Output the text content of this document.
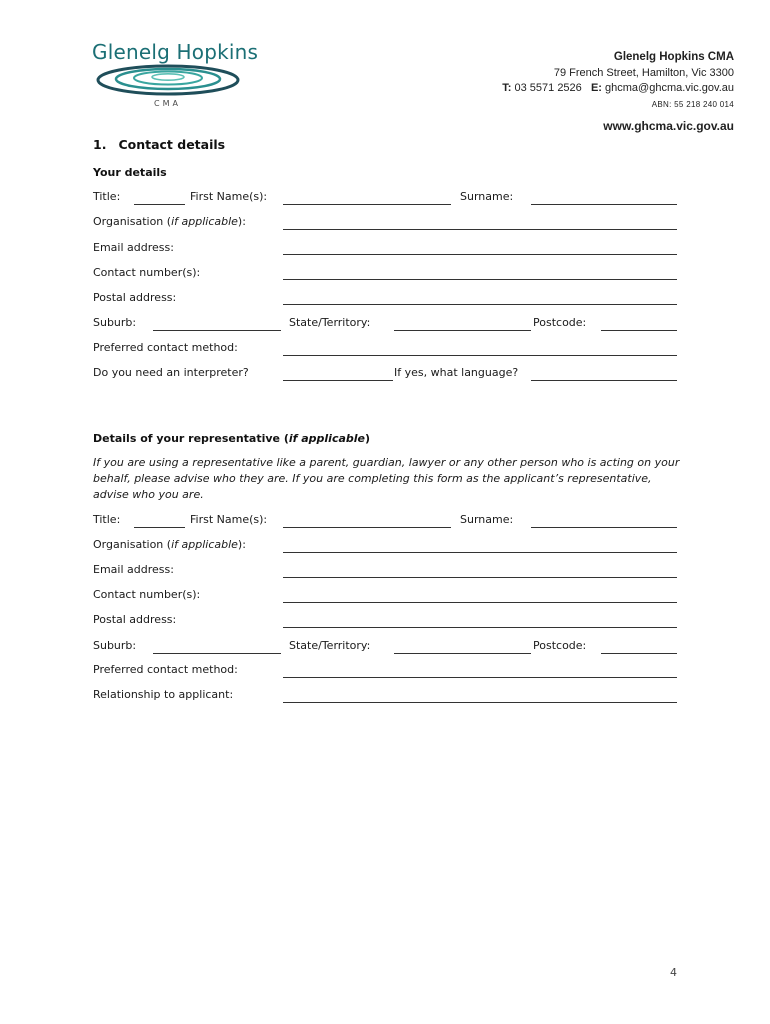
Glenelg Hopkins
CMA
Glenelg Hopkins CMA
79 French Street, Hamilton, Vic 3300
T: 03 5571 2526 E: ghcma@ghcma.vic.gov.au
ABN: 55 218 240 014
www.ghcma.vic.gov.au
1. Contact details
Your details
Title:	First Name(s):	Surname:
Organisation (if applicable):
Email address:
Contact number(s):
Postal address:
Suburb:	State/Territory:	Postcode:
Preferred contact method:
Do you need an interpreter?	If yes, what language?
Details of your representative (if applicable)
If you are using a representative like a parent, guardian, lawyer or any other person who is acting on your behalf, please advise who they are. If you are completing this form as the applicant’s representative, advise who you are.
Title:	First Name(s):	Surname:
Organisation (if applicable):
Email address:
Contact number(s):
Postal address:
Suburb:	State/Territory:	Postcode:
Preferred contact method:
Relationship to applicant:
4
